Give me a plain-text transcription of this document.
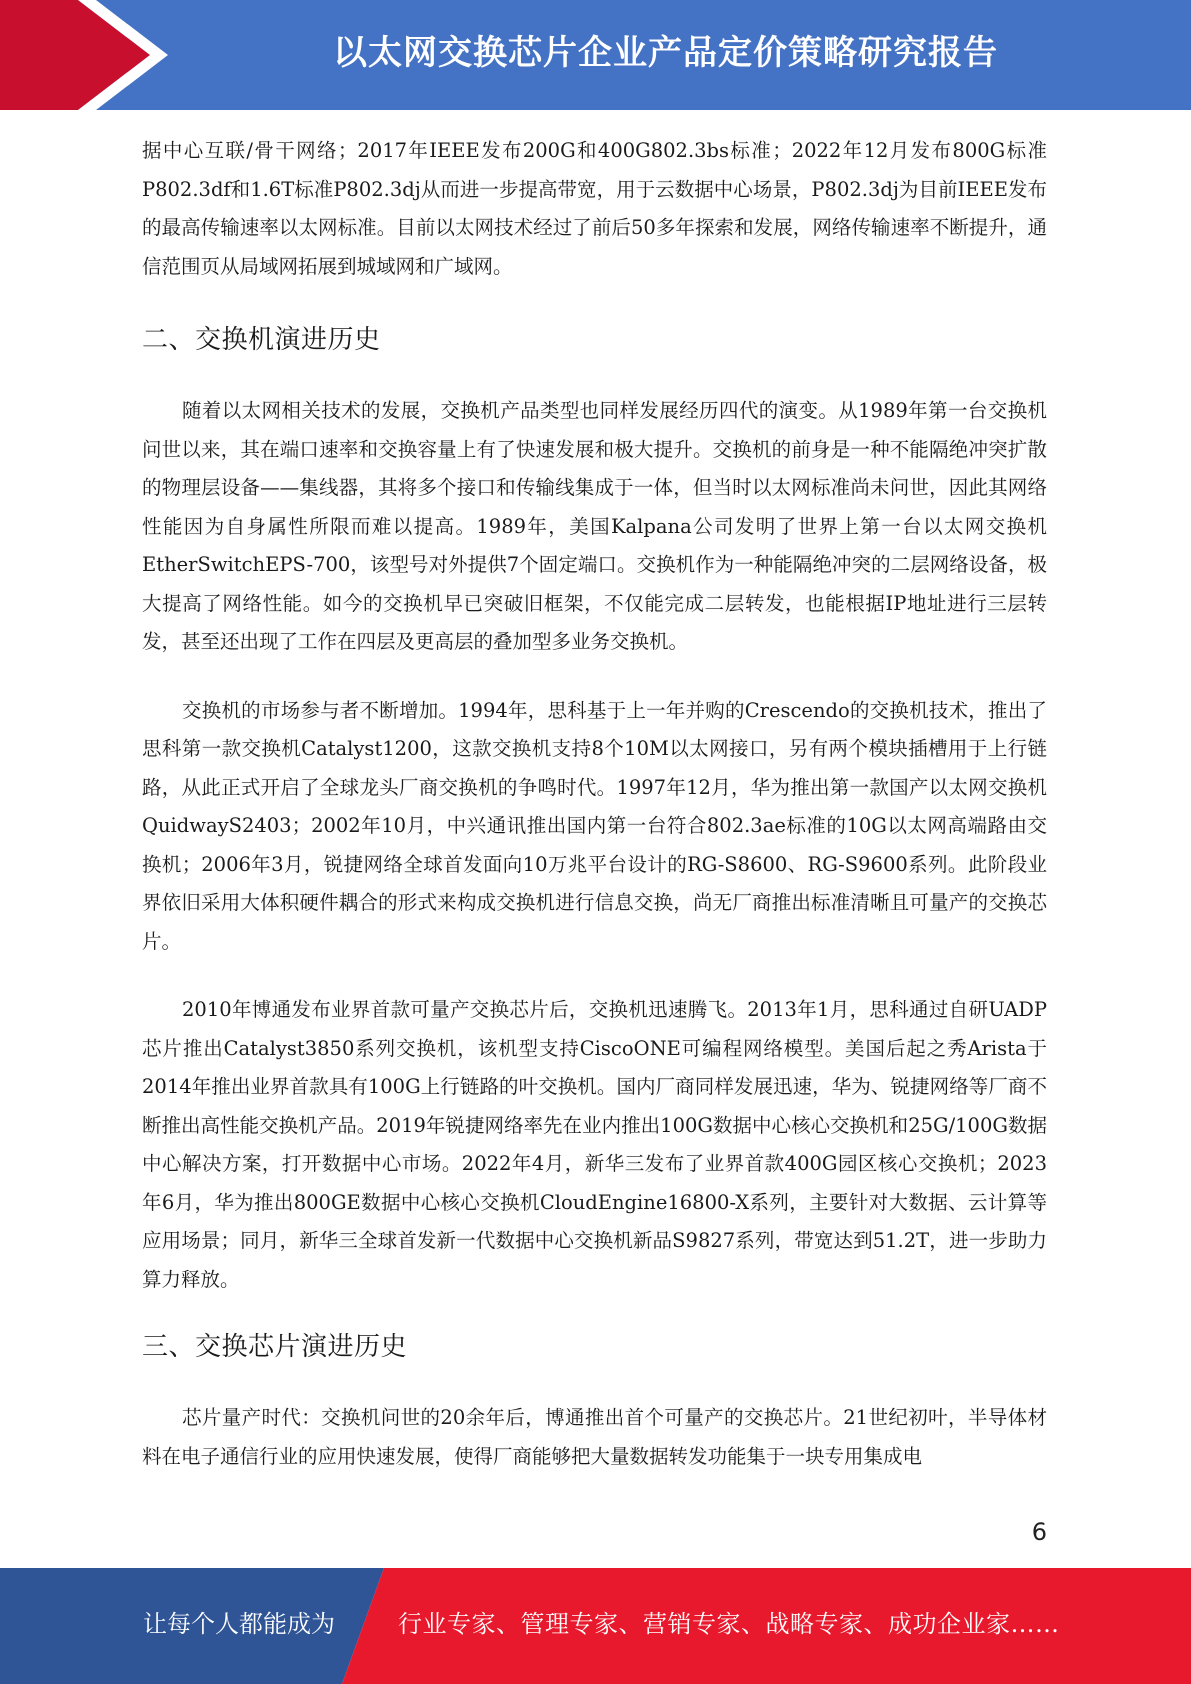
以太网交换芯片企业产品定价策略研究报告

据中心互联/骨干网络；2017年IEEE发布200G和400G802.3bs标准；2022年12月发布800G标准P802.3df和1.6T标准P802.3dj从而进一步提高带宽，用于云数据中心场景，P802.3dj为目前IEEE发布的最高传输速率以太网标准。目前以太网技术经过了前后50多年探索和发展，网络传输速率不断提升，通信范围页从局域网拓展到城域网和广域网。

二、交换机演进历史

随着以太网相关技术的发展，交换机产品类型也同样发展经历四代的演变。从1989年第一台交换机问世以来，其在端口速率和交换容量上有了快速发展和极大提升。交换机的前身是一种不能隔绝冲突扩散的物理层设备——集线器，其将多个接口和传输线集成于一体，但当时以太网标准尚未问世，因此其网络性能因为自身属性所限而难以提高。1989年，美国Kalpana公司发明了世界上第一台以太网交换机EtherSwitchEPS-700，该型号对外提供7个固定端口。交换机作为一种能隔绝冲突的二层网络设备，极大提高了网络性能。如今的交换机早已突破旧框架，不仅能完成二层转发，也能根据IP地址进行三层转发，甚至还出现了工作在四层及更高层的叠加型多业务交换机。

交换机的市场参与者不断增加。1994年，思科基于上一年并购的Crescendo的交换机技术，推出了思科第一款交换机Catalyst1200，这款交换机支持8个10M以太网接口，另有两个模块插槽用于上行链路，从此正式开启了全球龙头厂商交换机的争鸣时代。1997年12月，华为推出第一款国产以太网交换机QuidwayS2403；2002年10月，中兴通讯推出国内第一台符合802.3ae标准的10G以太网高端路由交换机；2006年3月，锐捷网络全球首发面向10万兆平台设计的RG-S8600、RG-S9600系列。此阶段业界依旧采用大体积硬件耦合的形式来构成交换机进行信息交换，尚无厂商推出标准清晰且可量产的交换芯片。

2010年博通发布业界首款可量产交换芯片后，交换机迅速腾飞。2013年1月，思科通过自研UADP芯片推出Catalyst3850系列交换机，该机型支持CiscoONE可编程网络模型。美国后起之秀Arista于2014年推出业界首款具有100G上行链路的叶交换机。国内厂商同样发展迅速，华为、锐捷网络等厂商不断推出高性能交换机产品。2019年锐捷网络率先在业内推出100G数据中心核心交换机和25G/100G数据中心解决方案，打开数据中心市场。2022年4月，新华三发布了业界首款400G园区核心交换机；2023年6月，华为推出800GE数据中心核心交换机CloudEngine16800-X系列，主要针对大数据、云计算等应用场景；同月，新华三全球首发新一代数据中心交换机新品S9827系列，带宽达到51.2T，进一步助力算力释放。

三、交换芯片演进历史

芯片量产时代：交换机问世的20余年后，博通推出首个可量产的交换芯片。21世纪初叶，半导体材料在电子通信行业的应用快速发展，使得厂商能够把大量数据转发功能集于一块专用集成电

6
让每个人都能成为	行业专家、管理专家、营销专家、战略专家、成功企业家……
